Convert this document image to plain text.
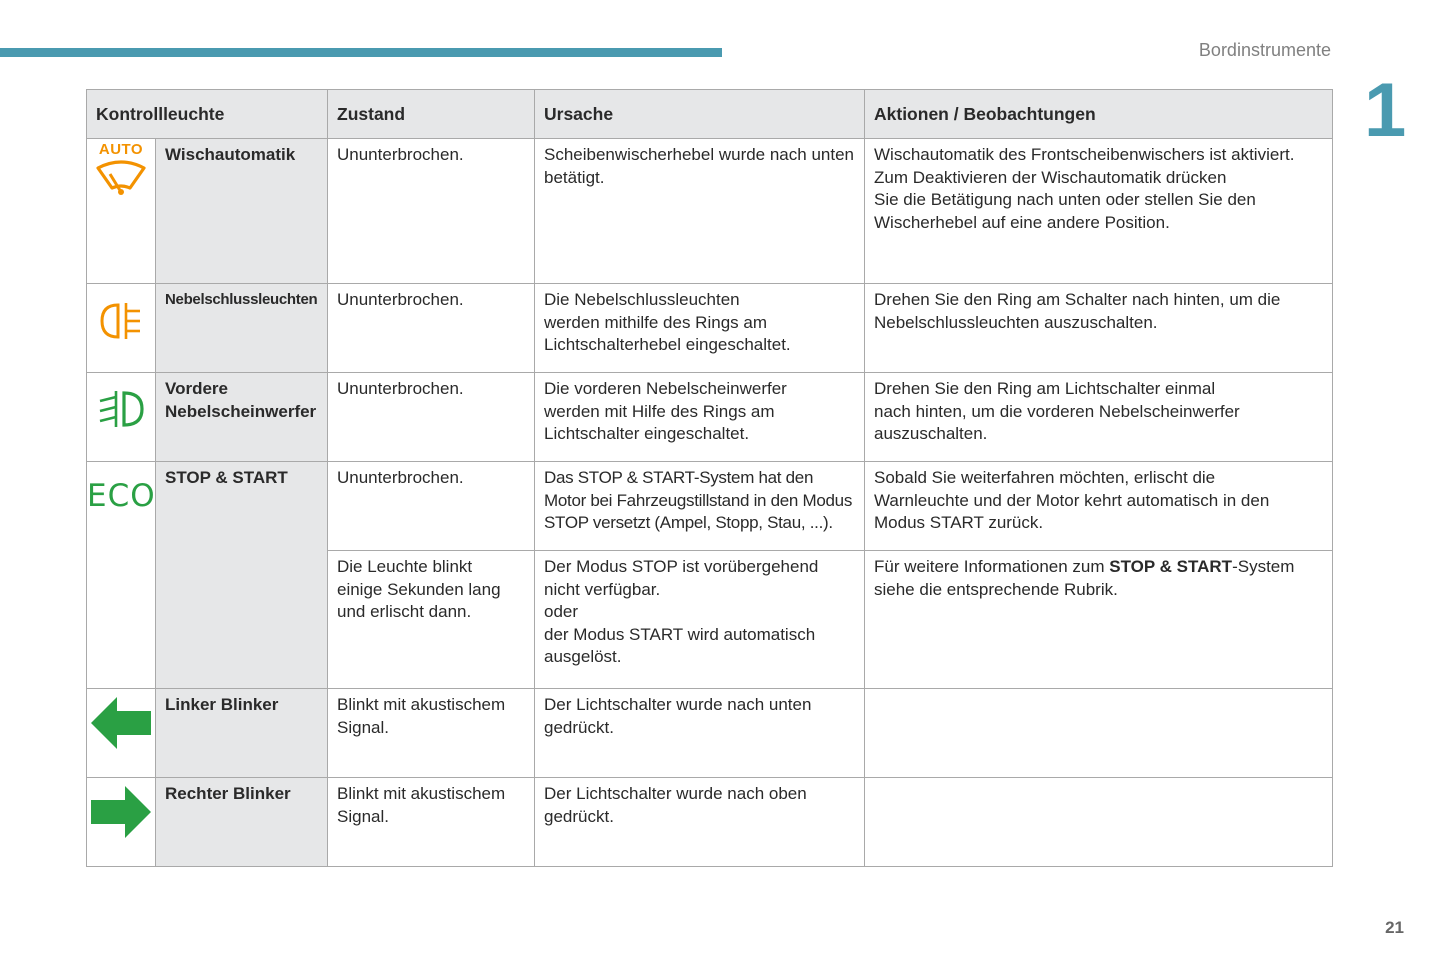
Bordinstrumente
1
Kontrollleuchte		Zustand	Ursache	Aktionen / Beobachtungen

AUTO	Wischautomatik	Ununterbrochen.	Scheibenwischerhebel wurde nach unten betätigt.	Wischautomatik des Frontscheibenwischers ist aktiviert.
Zum Deaktivieren der Wischautomatik drücken
Sie die Betätigung nach unten oder stellen Sie den
Wischerhebel auf eine andere Position.

	Nebelschlussleuchten	Ununterbrochen.	Die Nebelschlussleuchten
werden mithilfe des Rings am
Lichtschalterhebel eingeschaltet.	Drehen Sie den Ring am Schalter nach hinten, um die
Nebelschlussleuchten auszuschalten.

Vordere
Nebelscheinwerfer	Ununterbrochen.	Die vorderen Nebelscheinwerfer
werden mit Hilfe des Rings am
Lichtschalter eingeschaltet.	Drehen Sie den Ring am Lichtschalter einmal
nach hinten, um die vorderen Nebelscheinwerfer
auszuschalten.

ECO	STOP & START	Ununterbrochen.	Das STOP & START-System hat den
Motor bei Fahrzeugstillstand in den Modus
STOP versetzt (Ampel, Stopp, Stau, ...).	Sobald Sie weiterfahren möchten, erlischt die
Warnleuchte und der Motor kehrt automatisch in den
Modus START zurück.

		Die Leuchte blinkt
einige Sekunden lang
und erlischt dann.	Der Modus STOP ist vorübergehend
nicht verfügbar.
oder
der Modus START wird automatisch
ausgelöst.	Für weitere Informationen zum STOP & START-System
siehe die entsprechende Rubrik.

	Linker Blinker	Blinkt mit akustischem
Signal.	Der Lichtschalter wurde nach unten
gedrückt.	

	Rechter Blinker	Blinkt mit akustischem
Signal.	Der Lichtschalter wurde nach oben
gedrückt.	

21
